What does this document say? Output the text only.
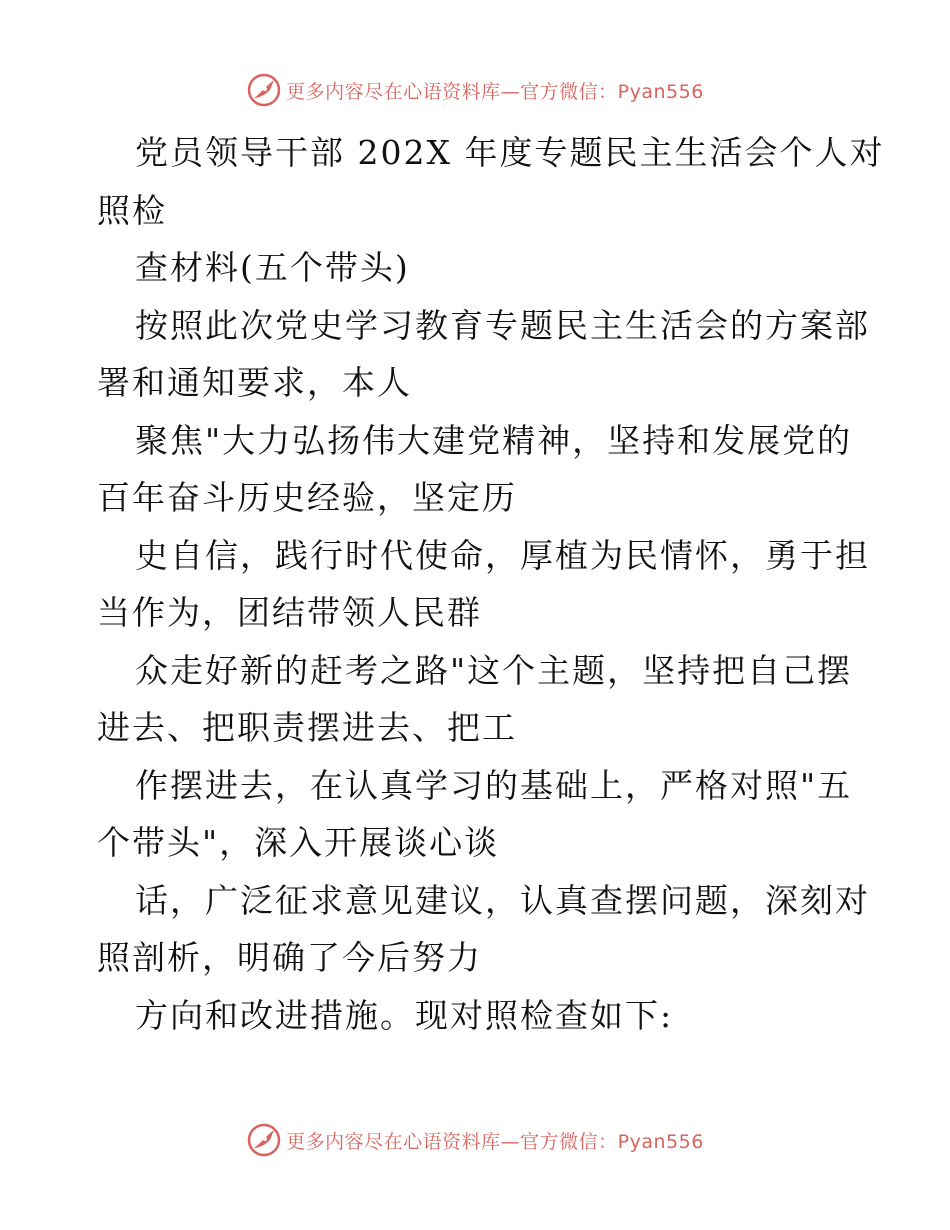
更多内容尽在心语资料库—官方微信：Pyan556
党员领导干部 202X 年度专题民主生活会个人对
照检
查材料(五个带头)
按照此次党史学习教育专题民主生活会的方案部
署和通知要求，本人
聚焦"大力弘扬伟大建党精神，坚持和发展党的
百年奋斗历史经验，坚定历
史自信，践行时代使命，厚植为民情怀，勇于担
当作为，团结带领人民群
众走好新的赶考之路"这个主题，坚持把自己摆
进去、把职责摆进去、把工
作摆进去，在认真学习的基础上，严格对照"五
个带头"，深入开展谈心谈
话，广泛征求意见建议，认真查摆问题，深刻对
照剖析，明确了今后努力
方向和改进措施。现对照检查如下:
更多内容尽在心语资料库—官方微信：Pyan556
